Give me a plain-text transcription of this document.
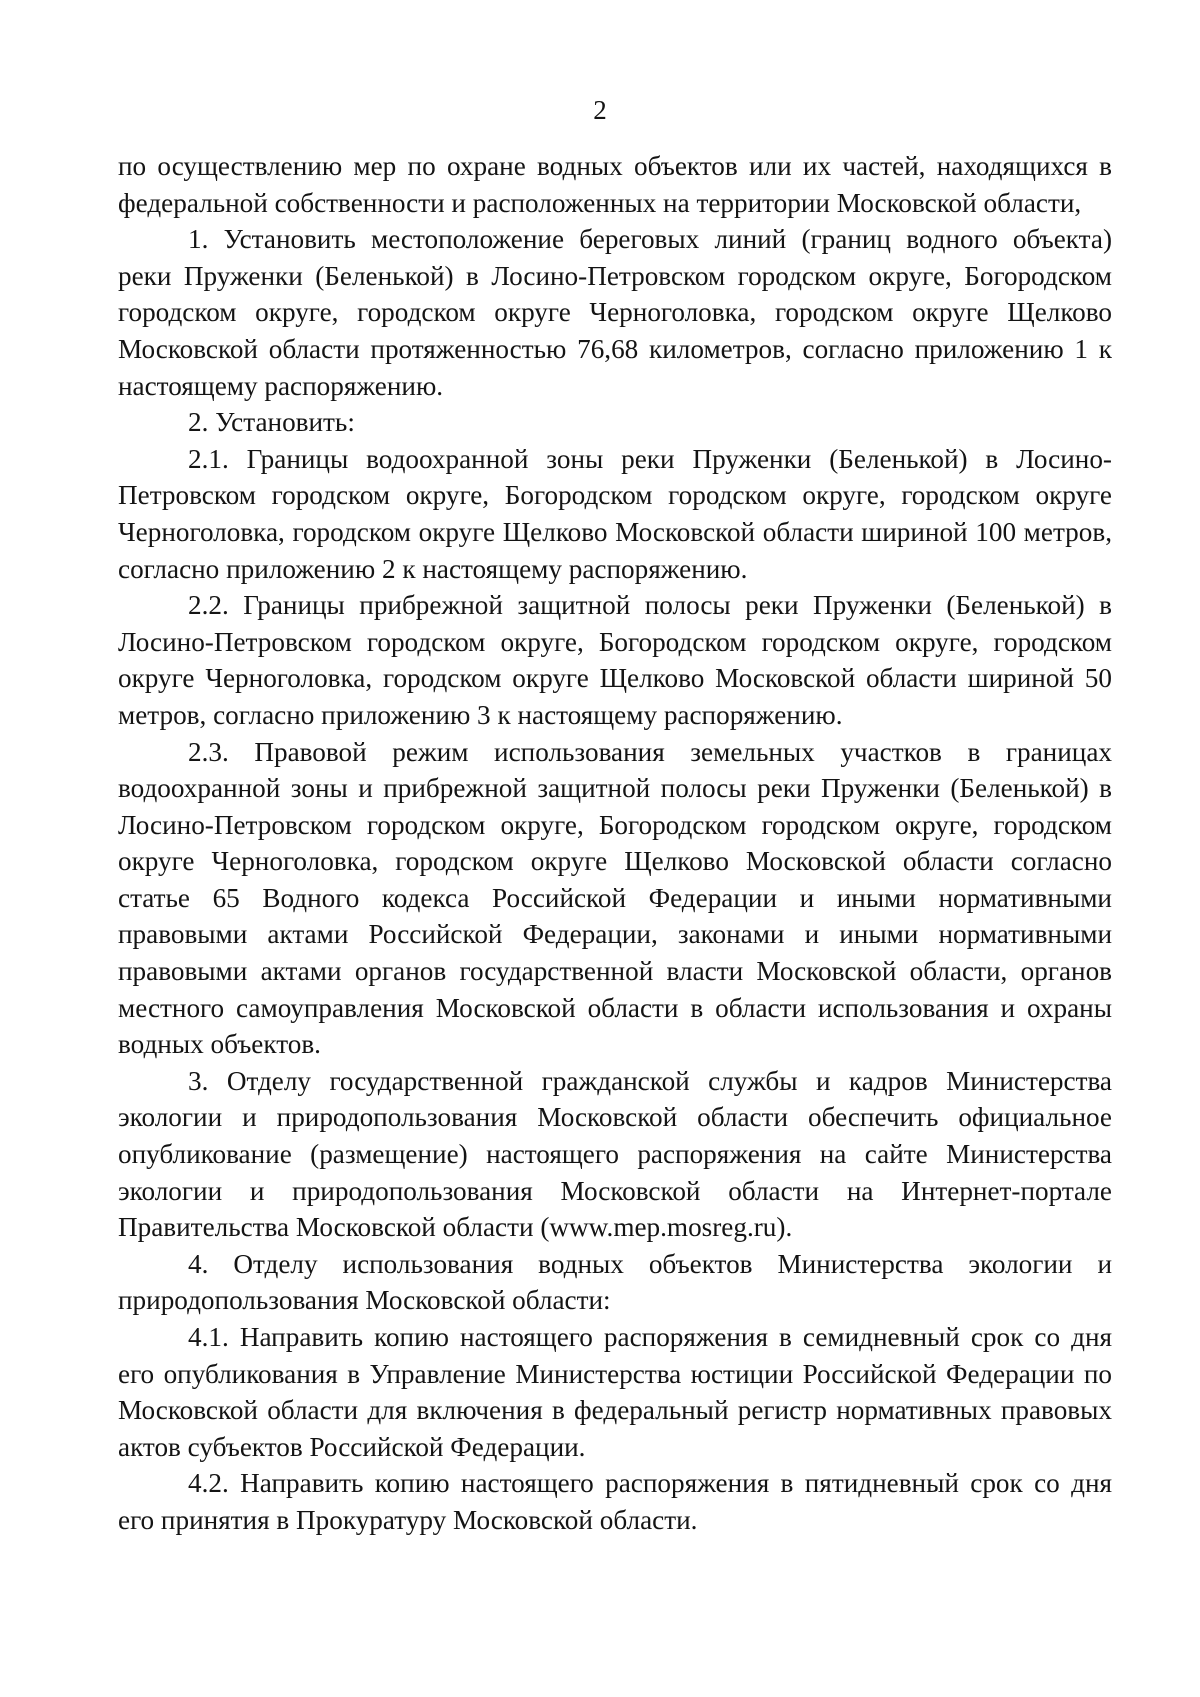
2

по осуществлению мер по охране водных объектов или их частей, находящихся в федеральной собственности и расположенных на территории Московской области,

1. Установить местоположение береговых линий (границ водного объекта) реки Пруженки (Беленькой) в Лосино-Петровском городском округе, Богородском городском округе, городском округе Черноголовка, городском округе Щелково Московской области протяженностью 76,68 километров, согласно приложению 1 к настоящему распоряжению.

2. Установить:

2.1. Границы водоохранной зоны реки Пруженки (Беленькой) в Лосино-Петровском городском округе, Богородском городском округе, городском округе Черноголовка, городском округе Щелково Московской области шириной 100 метров, согласно приложению 2 к настоящему распоряжению.

2.2. Границы прибрежной защитной полосы реки Пруженки (Беленькой) в Лосино-Петровском городском округе, Богородском городском округе, городском округе Черноголовка, городском округе Щелково Московской области шириной 50 метров, согласно приложению 3 к настоящему распоряжению.

2.3. Правовой режим использования земельных участков в границах водоохранной зоны и прибрежной защитной полосы реки Пруженки (Беленькой) в Лосино-Петровском городском округе, Богородском городском округе, городском округе Черноголовка, городском округе Щелково Московской области согласно статье 65 Водного кодекса Российской Федерации и иными нормативными правовыми актами Российской Федерации, законами и иными нормативными правовыми актами органов государственной власти Московской области, органов местного самоуправления Московской области в области использования и охраны водных объектов.

3. Отделу государственной гражданской службы и кадров Министерства экологии и природопользования Московской области обеспечить официальное опубликование (размещение) настоящего распоряжения на сайте Министерства экологии и природопользования Московской области на Интернет-портале Правительства Московской области (www.mep.mosreg.ru).

4. Отделу использования водных объектов Министерства экологии и природопользования Московской области:

4.1. Направить копию настоящего распоряжения в семидневный срок со дня его опубликования в Управление Министерства юстиции Российской Федерации по Московской области для включения в федеральный регистр нормативных правовых актов субъектов Российской Федерации.

4.2. Направить копию настоящего распоряжения в пятидневный срок со дня его принятия в Прокуратуру Московской области.
